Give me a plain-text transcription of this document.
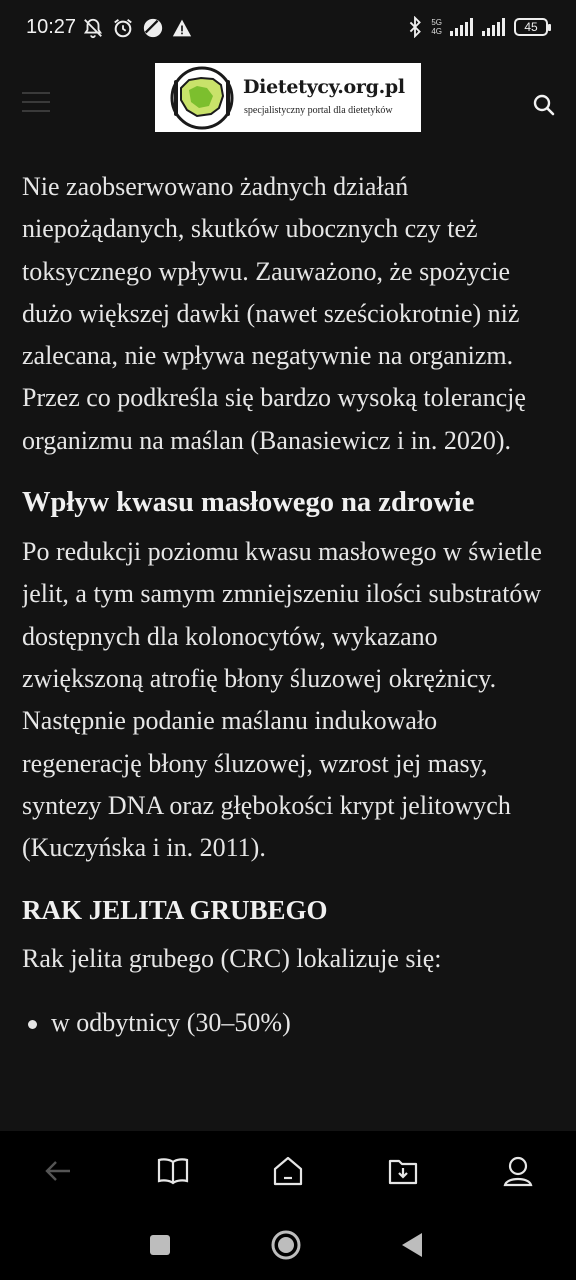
10:27	5G
4G	45
Dietetycy.org.pl
specjalistyczny portal dla dietetyków

Nie zaobserwowano żadnych działań niepożądanych, skutków ubocznych czy też toksycznego wpływu. Zauważono, że spożycie dużo większej dawki (nawet sześciokrotnie) niż zalecana, nie wpływa negatywnie na organizm. Przez co podkreśla się bardzo wysoką tolerancję organizmu na maślan (Banasiewicz i in. 2020).

Wpływ kwasu masłowego na zdrowie

Po redukcji poziomu kwasu masłowego w świetle jelit, a tym samym zmniejszeniu ilości substratów dostępnych dla kolonocytów, wykazano zwiększoną atrofię błony śluzowej okrężnicy. Następnie podanie maślanu indukowało regenerację błony śluzowej, wzrost jej masy, syntezy DNA oraz głębokości krypt jelitowych (Kuczyńska i in. 2011).

RAK JELITA GRUBEGO

Rak jelita grubego (CRC) lokalizuje się:

w odbytnicy (30–50%)
